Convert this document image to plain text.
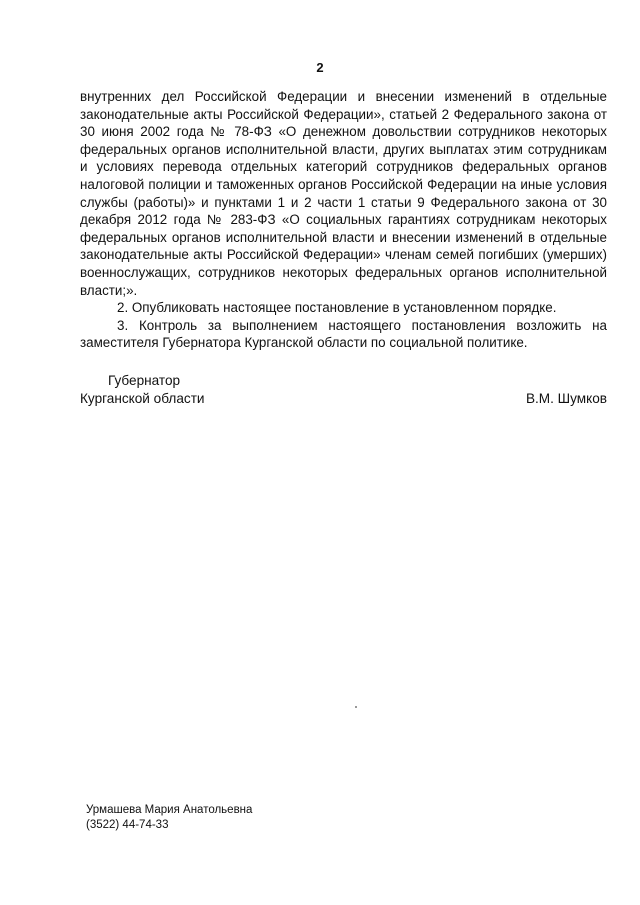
2

внутренних дел Российской Федерации и внесении изменений в отдельные законодательные акты Российской Федерации», статьей 2 Федерального закона от 30 июня 2002 года № 78-ФЗ «О денежном довольствии сотрудников некоторых федеральных органов исполнительной власти, других выплатах этим сотрудникам и условиях перевода отдельных категорий сотрудников федеральных органов налоговой полиции и таможенных органов Российской Федерации на иные условия службы (работы)» и пунктами 1 и 2 части 1 статьи 9 Федерального закона от 30 декабря 2012 года № 283-ФЗ «О социальных гарантиях сотрудникам некоторых федеральных органов исполнительной власти и внесении изменений в отдельные законодательные акты Российской Федерации» членам семей погибших (умерших) военнослужащих, сотрудников некоторых федеральных органов исполнительной власти;».

2. Опубликовать настоящее постановление в установленном порядке.

3. Контроль за выполнением настоящего постановления возложить на заместителя Губернатора Курганской области по социальной политике.

Губернатор
Курганской области	В.М. Шумков
Урмашева Мария Анатольевна
(3522) 44-74-33
